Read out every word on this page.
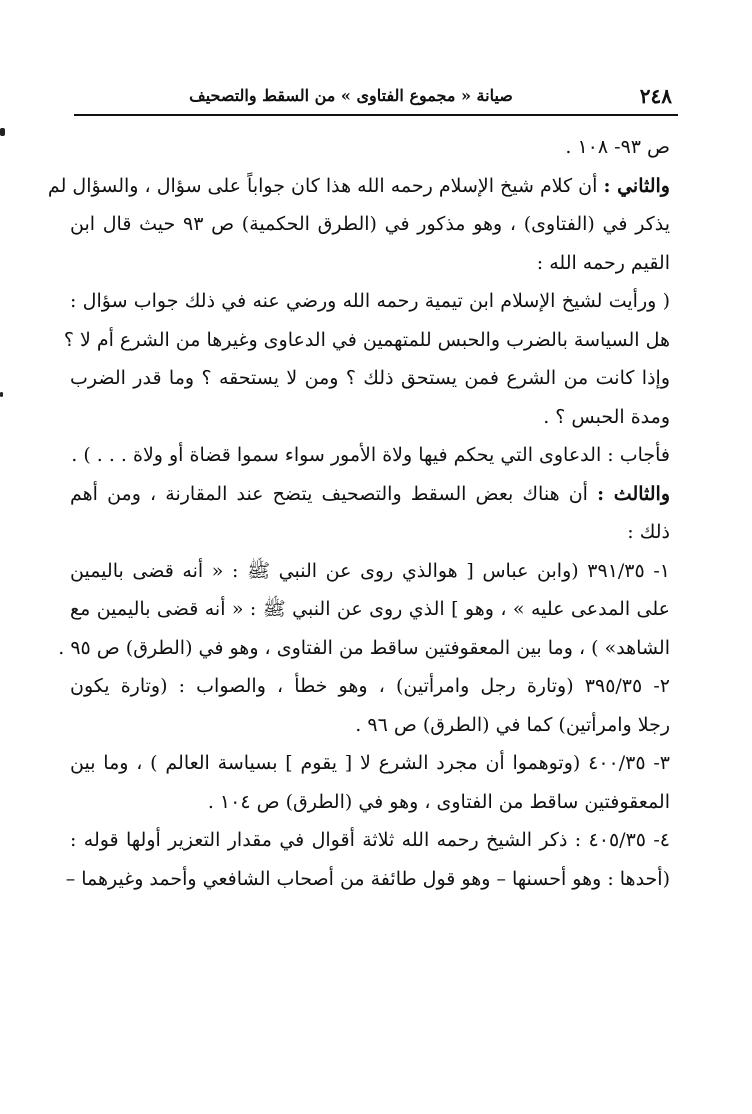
٢٤٨
صيانة « مجموع الفتاوى » من السقط والتصحيف
ص ٩٣- ١٠٨ .
والثاني : أن كلام شيخ الإسلام رحمه الله هذا كان جواباً على سؤال ، والسؤال لم
يذكر في (الفتاوى) ، وهو مذكور في (الطرق الحكمية) ص ٩٣ حيث قال ابن
القيم رحمه الله :
( ورأيت لشيخ الإسلام ابن تيمية رحمه الله ورضي عنه في ذلك جواب سؤال :
هل السياسة بالضرب والحبس للمتهمين في الدعاوى وغيرها من الشرع أم لا ؟
وإذا كانت من الشرع فمن يستحق ذلك ؟ ومن لا يستحقه ؟ وما قدر الضرب
ومدة الحبس ؟ .
فأجاب : الدعاوى التي يحكم فيها ولاة الأمور سواء سموا قضاة أو ولاة . . . ) .
والثالث : أن هناك بعض السقط والتصحيف يتضح عند المقارنة ، ومن أهم
ذلك :
١- ٣٩١/٣٥ (وابن عباس [ هوالذي روى عن النبي ﷺ : « أنه قضى باليمين
على المدعى عليه » ، وهو ] الذي روى عن النبي ﷺ : « أنه قضى باليمين مع
الشاهد» ) ، وما بين المعقوفتين ساقط من الفتاوى ، وهو في (الطرق) ص ٩٥ .
٢- ٣٩٥/٣٥ (وتارة رجل وامرأتين) ، وهو خطأ ، والصواب : (وتارة يكون
رجلا وامرأتين) كما في (الطرق) ص ٩٦ .
٣- ٤٠٠/٣٥ (وتوهموا أن مجرد الشرع لا [ يقوم ] بسياسة العالم ) ، وما بين
المعقوفتين ساقط من الفتاوى ، وهو في (الطرق) ص ١٠٤ .
٤- ٤٠٥/٣٥ : ذكر الشيخ رحمه الله ثلاثة أقوال في مقدار التعزير أولها قوله :
(أحدها : وهو أحسنها – وهو قول طائفة من أصحاب الشافعي وأحمد وغيرهما –
